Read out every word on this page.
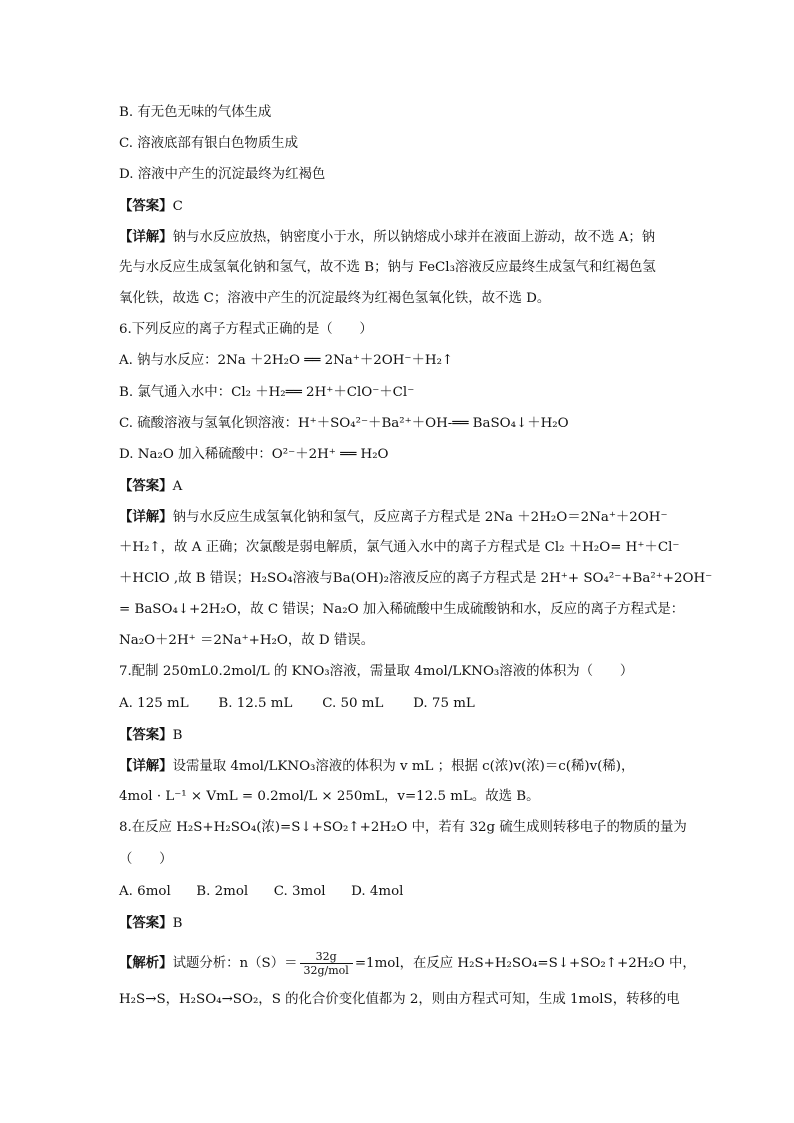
B. 有无色无味的气体生成
C. 溶液底部有银白色物质生成
D. 溶液中产生的沉淀最终为红褐色
【答案】C
【详解】钠与水反应放热，钠密度小于水，所以钠熔成小球并在液面上游动，故不选 A；钠
先与水反应生成氢氧化钠和氢气，故不选 B；钠与 FeCl₃溶液反应最终生成氢气和红褐色氢
氧化铁，故选 C；溶液中产生的沉淀最终为红褐色氢氧化铁，故不选 D。
6.下列反应的离子方程式正确的是（　　）
A. 钠与水反应：2Na ＋2H₂O ══ 2Na⁺＋2OH⁻＋H₂↑
B. 氯气通入水中：Cl₂ ＋H₂══ 2H⁺＋ClO⁻＋Cl⁻
C. 硫酸溶液与氢氧化钡溶液：H⁺＋SO₄²⁻＋Ba²⁺＋OH-══ BaSO₄↓＋H₂O
D. Na₂O 加入稀硫酸中：O²⁻＋2H⁺ ══ H₂O
【答案】A
【详解】钠与水反应生成氢氧化钠和氢气，反应离子方程式是 2Na ＋2H₂O＝2Na⁺＋2OH⁻
＋H₂↑，故 A 正确；次氯酸是弱电解质，氯气通入水中的离子方程式是 Cl₂ ＋H₂O= H⁺＋Cl⁻
＋HClO ,故 B 错误；H₂SO₄溶液与Ba(OH)₂溶液反应的离子方程式是 2H⁺+ SO₄²⁻+Ba²⁺+2OH⁻
= BaSO₄↓+2H₂O，故 C 错误；Na₂O 加入稀硫酸中生成硫酸钠和水，反应的离子方程式是：
Na₂O＋2H⁺ ＝2Na⁺+H₂O，故 D 错误。
7.配制 250mL0.2mol/L 的 KNO₃溶液，需量取 4mol/LKNO₃溶液的体积为（　　）
A. 125 mL       B. 12.5 mL       C. 50 mL       D. 75 mL
【答案】B
【详解】设需量取 4mol/LKNO₃溶液的体积为 v mL ；根据 c(浓)v(浓)＝c(稀)v(稀)，
4mol · L⁻¹ × VmL = 0.2mol/L × 250mL，v=12.5 mL。故选 B。
8.在反应 H₂S+H₂SO₄(浓)=S↓+SO₂↑+2H₂O 中，若有 32g 硫生成则转移电子的物质的量为
（　　）
A. 6mol      B. 2mol      C. 3mol      D. 4mol
【答案】B
【解析】试题分析：$n(S)= \frac{32g}{\text{32g/mol}} =1mol$，在反应 H₂S+H₂SO₄=S↓+SO₂↑+2H₂O 中，
H₂S→S，H₂SO₄→SO₂，S 的化合价变化值都为 2，则由方程式可知，生成 1molS，转移的电
